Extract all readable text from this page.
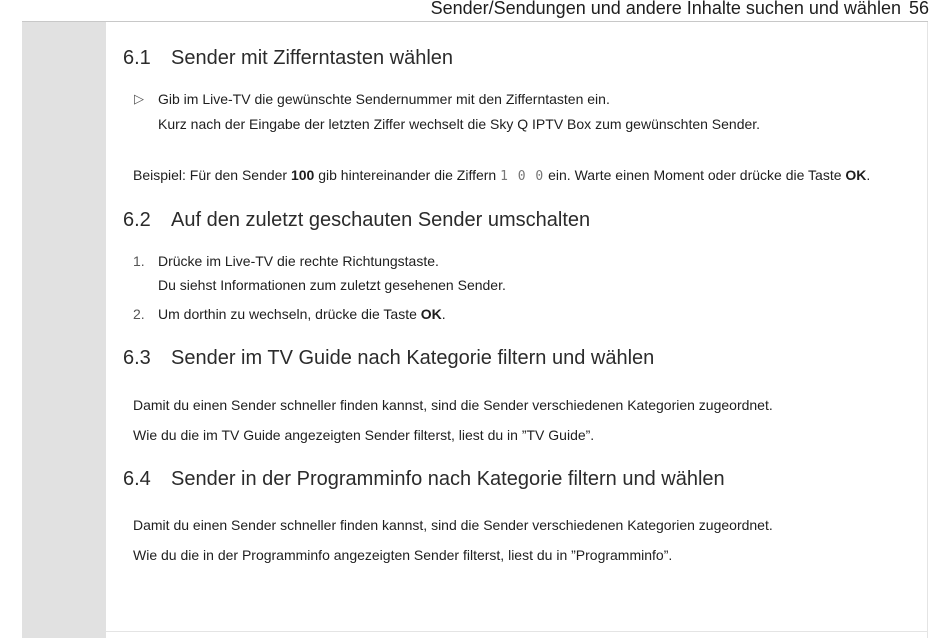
Sender/Sendungen und andere Inhalte suchen und wählen 56
6.1 Sender mit Zifferntasten wählen
▷ Gib im Live-TV die gewünschte Sendernummer mit den Zifferntasten ein.
Kurz nach der Eingabe der letzten Ziffer wechselt die Sky Q IPTV Box zum gewünschten Sender.
Beispiel: Für den Sender 100 gib hintereinander die Ziffern 1 0 0 ein. Warte einen Moment oder drücke die Taste OK.
6.2 Auf den zuletzt geschauten Sender umschalten
1. Drücke im Live-TV die rechte Richtungstaste.
Du siehst Informationen zum zuletzt gesehenen Sender.
2. Um dorthin zu wechseln, drücke die Taste OK.
6.3 Sender im TV Guide nach Kategorie filtern und wählen
Damit du einen Sender schneller finden kannst, sind die Sender verschiedenen Kategorien zugeordnet.
Wie du die im TV Guide angezeigten Sender filterst, liest du in ”TV Guide”.
6.4 Sender in der Programminfo nach Kategorie filtern und wählen
Damit du einen Sender schneller finden kannst, sind die Sender verschiedenen Kategorien zugeordnet.
Wie du die in der Programminfo angezeigten Sender filterst, liest du in ”Programminfo”.
